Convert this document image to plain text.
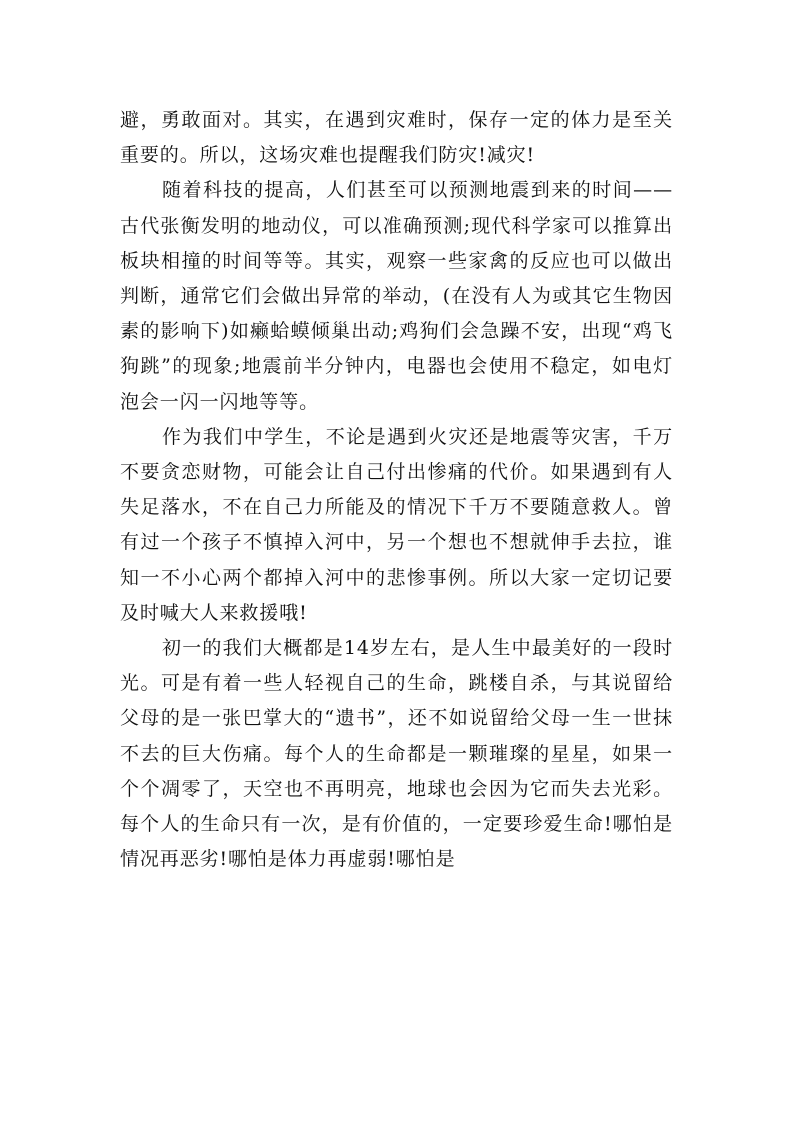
避，勇敢面对。其实，在遇到灾难时，保存一定的体力是至关重要的。所以，这场灾难也提醒我们防灾!减灾!

随着科技的提高，人们甚至可以预测地震到来的时间——古代张衡发明的地动仪，可以准确预测;现代科学家可以推算出板块相撞的时间等等。其实，观察一些家禽的反应也可以做出判断，通常它们会做出异常的举动，(在没有人为或其它生物因素的影响下)如癞蛤蟆倾巢出动;鸡狗们会急躁不安，出现“鸡飞狗跳”的现象;地震前半分钟内，电器也会使用不稳定，如电灯泡会一闪一闪地等等。

作为我们中学生，不论是遇到火灾还是地震等灾害，千万不要贪恋财物，可能会让自己付出惨痛的代价。如果遇到有人失足落水，不在自己力所能及的情况下千万不要随意救人。曾有过一个孩子不慎掉入河中，另一个想也不想就伸手去拉，谁知一不小心两个都掉入河中的悲惨事例。所以大家一定切记要及时喊大人来救援哦!

初一的我们大概都是14岁左右，是人生中最美好的一段时光。可是有着一些人轻视自己的生命，跳楼自杀，与其说留给父母的是一张巴掌大的“遗书”，还不如说留给父母一生一世抹不去的巨大伤痛。每个人的生命都是一颗璀璨的星星，如果一个个凋零了，天空也不再明亮，地球也会因为它而失去光彩。每个人的生命只有一次，是有价值的，一定要珍爱生命!哪怕是情况再恶劣!哪怕是体力再虚弱!哪怕是
